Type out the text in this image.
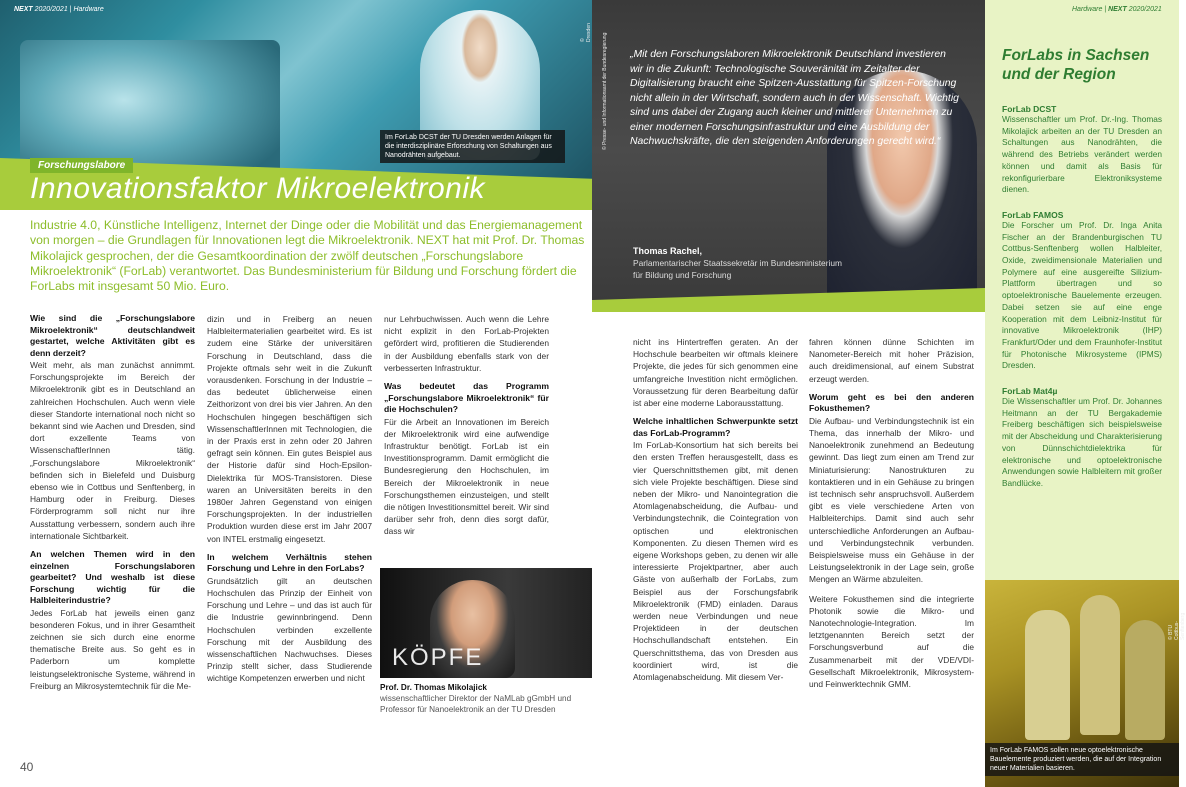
Im ForLab DCST der TU Dresden werden Anlagen für die interdisziplinäre Erforschung von Schaltungen aus Nanodrähten aufgebaut.
© Dresden
NEXT 2020/2021 | Hardware
Forschungslabore
Innovationsfaktor Mikroelektronik
Industrie 4.0, Künstliche Intelligenz, Internet der Dinge oder die Mobilität und das Energiemanagement von morgen – die Grundlagen für Innovationen legt die Mikroelektronik. NEXT hat mit Prof. Dr. Thomas Mikolajick gesprochen, der die Gesamtkoordination der zwölf deutschen „Forschungslabore Mikroelektronik“ (ForLab) verantwortet. Das Bundesministerium für Bildung und Forschung fördert die ForLabs mit insgesamt 50 Mio. Euro.
Wie sind die „Forschungslabore Mikroelektronik“ deutschlandweit gestartet, welche Aktivitäten gibt es denn derzeit?

Weit mehr, als man zunächst annimmt. Forschungsprojekte im Bereich der Mikroelektronik gibt es in Deutschland an zahlreichen Hochschulen. Auch wenn viele dieser Standorte international noch nicht so bekannt sind wie Aachen und Dresden, sind dort exzellente Teams von WissenschaftlerInnen tätig. „Forschungslabore Mikroelektronik“ befinden sich in Bielefeld und Duisburg ebenso wie in Cottbus und Senftenberg, in Hamburg oder in Freiburg. Dieses Förderprogramm soll nicht nur ihre Ausstattung verbessern, sondern auch ihre internationale Sichtbarkeit.

An welchen Themen wird in den einzelnen Forschungslaboren gearbeitet? Und weshalb ist diese Forschung wichtig für die Halbleiterindustrie?

Jedes ForLab hat jeweils einen ganz besonderen Fokus, und in ihrer Gesamtheit zeichnen sie sich durch eine enorme thematische Breite aus. So geht es in Paderborn um komplette leistungselektronische Systeme, während in Freiburg an Mikrosystemtechnik für die Me-

dizin und in Freiberg an neuen Halbleitermaterialien gearbeitet wird. Es ist zudem eine Stärke der universitären Forschung in Deutschland, dass die Projekte oftmals sehr weit in die Zukunft vorausdenken. Forschung in der Industrie – das bedeutet üblicherweise einen Zeithorizont von drei bis vier Jahren. An den Hochschulen hingegen beschäftigen sich WissenschaftlerInnen mit Technologien, die in der Praxis erst in zehn oder 20 Jahren gefragt sein können. Ein gutes Beispiel aus der Historie dafür sind Hoch-Epsilon-Dielektrika für MOS-Transistoren. Diese waren an Universitäten bereits in den 1980er Jahren Gegenstand von einigen Forschungsprojekten. In der industriellen Produktion wurden diese erst im Jahr 2007 von INTEL erstmalig eingesetzt.

In welchem Verhältnis stehen Forschung und Lehre in den ForLabs?

Grundsätzlich gilt an deutschen Hochschulen das Prinzip der Einheit von Forschung und Lehre – und das ist auch für die Industrie gewinnbringend. Denn Hochschulen verbinden exzellente Forschung mit der Ausbildung des wissenschaftlichen Nachwuchses. Dieses Prinzip stellt sicher, dass Studierende wichtige Kompetenzen erwerben und nicht

nur Lehrbuchwissen. Auch wenn die Lehre nicht explizit in den ForLab-Projekten gefördert wird, profitieren die Studierenden in der Ausbildung ebenfalls stark von der verbesserten Infrastruktur.

Was bedeutet das Programm „Forschungslabore Mikroelektronik“ für die Hochschulen?

Für die Arbeit an Innovationen im Bereich der Mikroelektronik wird eine aufwendige Infrastruktur benötigt. ForLab ist ein Investitionsprogramm. Damit ermöglicht die Bundesregierung den Hochschulen, im Bereich der Mikroelektronik in neue Forschungsthemen einzusteigen, und stellt die nötigen Investitionsmittel bereit. Wir sind darüber sehr froh, denn dies sorgt dafür, dass wir

KÖPFE
Prof. Dr. Thomas Mikolajick
wissenschaftlicher Direktor der NaMLab gGmbH und Professor für Nanoelektronik an der TU Dresden
40
© Presse- und Informationsamt der Bundesregierung „Mit den Forschungslaboren Mikroelektronik Deutschland investieren wir in die Zukunft: Technologische Souveränität im Zeitalter der Digitalisierung braucht eine Spitzen-Ausstattung für Spitzen-Forschung nicht allein in der Wirtschaft, sondern auch in der Wissenschaft. Wichtig sind uns dabei der Zugang auch kleiner und mittlerer Unternehmen zu einer modernen Forschungsinfrastruktur und eine Ausbildung der Nachwuchskräfte, die den steigenden Anforderungen gerecht wird.“
Thomas Rachel,
Parlamentarischer Staatssekretär im Bundesministerium für Bildung und Forschung

nicht ins Hintertreffen geraten. An der Hochschule bearbeiten wir oftmals kleinere Projekte, die jedes für sich genommen eine umfangreiche Investition nicht ermöglichen. Voraussetzung für deren Bearbeitung dafür ist aber eine moderne Laborausstattung.

Welche inhaltlichen Schwerpunkte setzt das ForLab-Programm?

Im ForLab-Konsortium hat sich bereits bei den ersten Treffen herausgestellt, dass es vier Querschnittsthemen gibt, mit denen sich viele Projekte beschäftigen. Diese sind neben der Mikro- und Nanointegration die Atomlagenabscheidung, die Aufbau- und Verbindungstechnik, die Cointegration von optischen und elektronischen Komponenten. Zu diesen Themen wird es eigene Workshops geben, zu denen wir alle interessierte Projektpartner, aber auch Gäste von außerhalb der ForLabs, zum Beispiel aus der Forschungsfabrik Mikroelektronik (FMD) einladen. Daraus werden neue Verbindungen und neue Projektideen in der deutschen Hochschullandschaft entstehen. Ein Querschnittsthema, das von Dresden aus koordiniert wird, ist die Atomlagenabscheidung. Mit diesem Ver-

fahren können dünne Schichten im Nanometer-Bereich mit hoher Präzision, auch dreidimensional, auf einem Substrat erzeugt werden.

Worum geht es bei den anderen Fokusthemen?

Die Aufbau- und Verbindungstechnik ist ein Thema, das innerhalb der Mikro- und Nanoelektronik zunehmend an Bedeutung gewinnt. Das liegt zum einen am Trend zur Miniaturisierung: Nanostrukturen zu kontaktieren und in ein Gehäuse zu bringen ist technisch sehr anspruchsvoll. Außerdem gibt es viele verschiedene Arten von Halbleiterchips. Damit sind auch sehr unterschiedliche Anforderungen an Aufbau- und Verbindungstechnik verbunden. Beispielsweise muss ein Gehäuse in der Leistungselektronik in der Lage sein, große Mengen an Wärme abzuleiten.

Weitere Fokusthemen sind die integrierte Photonik sowie die Mikro- und Nanotechnologie-Integration. Im letztgenannten Bereich setzt der Forschungsverbund auf die Zusammenarbeit mit der VDE/VDI-Gesellschaft Mikroelektronik, Mikrosystem- und Feinwerktechnik GMM.

Hardware | NEXT 2020/2021
ForLabs in Sachsen und der Region
ForLab DCST

Wissenschaftler um Prof. Dr.-Ing. Thomas Mikolajick arbeiten an der TU Dresden an Schaltungen aus Nanodrähten, die während des Betriebs verändert werden können und damit als Basis für rekonfigurierbare Elektroniksysteme dienen.

ForLab FAMOS

Die Forscher um Prof. Dr. Inga Anita Fischer an der Brandenburgischen TU Cottbus-Senftenberg wollen Halbleiter, Oxide, zweidimensionale Materialien und Polymere auf eine ausgereifte Silizium-Plattform übertragen und so optoelektronische Bauelemente erzeugen. Dabei setzen sie auf eine enge Kooperation mit dem Leibniz-Institut für innovative Mikroelektronik (IHP) Frankfurt/Oder und dem Fraunhofer-Institut für Photonische Mikrosysteme (IPMS) Dresden.

ForLab Mat4µ

Die Wissenschaftler um Prof. Dr. Johannes Heitmann an der TU Bergakademie Freiberg beschäftigen sich beispielsweise mit der Abscheidung und Charakterisierung von Dünnschichtdielektrika für elektronische und optoelektronische Anwendungen sowie Halbleitern mit großer Bandlücke.

© BTU Cottbus-Senftenberg
Im ForLab FAMOS sollen neue optoelektronische Bauelemente produziert werden, die auf der Integration neuer Materialien basieren.
